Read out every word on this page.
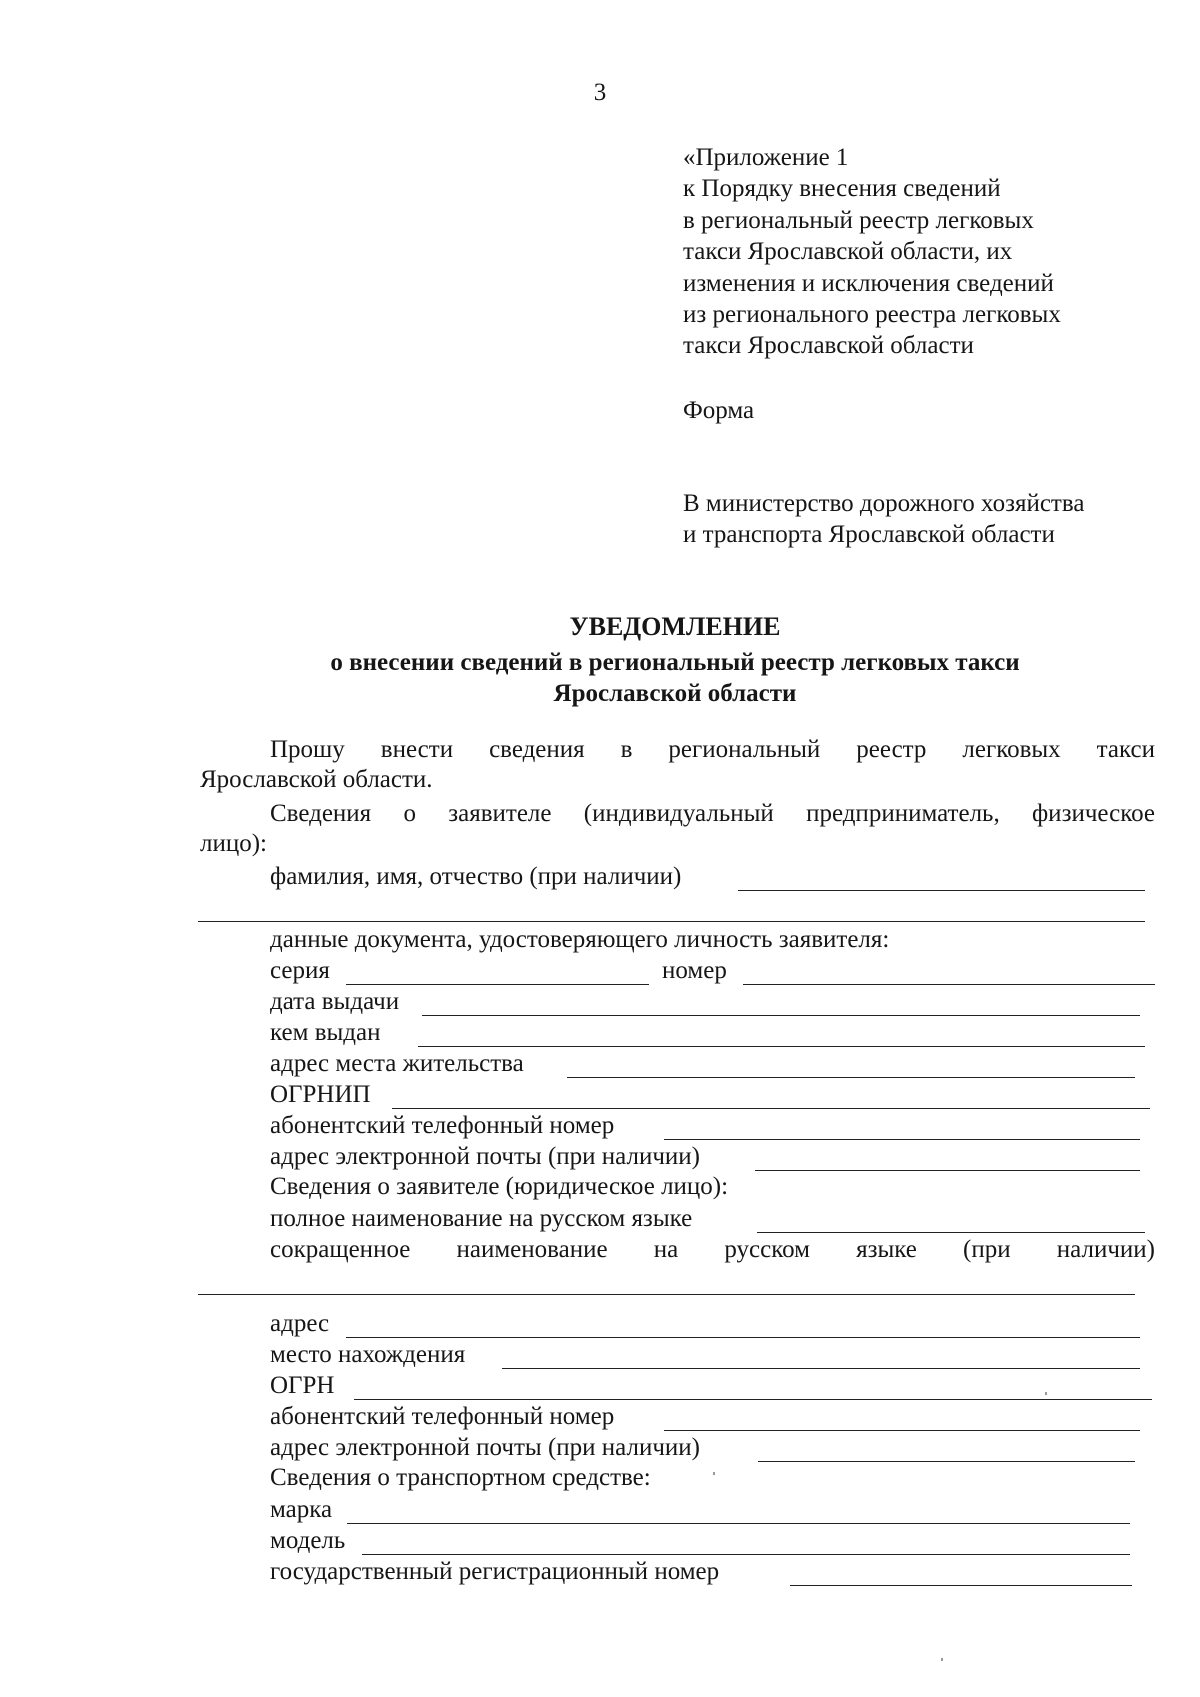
3
«Приложение 1
к Порядку внесения сведений
в региональный реестр легковых
такси Ярославской области, их
изменения и исключения сведений
из регионального реестра легковых
такси Ярославской области
Форма
В министерство дорожного хозяйства
и транспорта Ярославской области
УВЕДОМЛЕНИЕ
о внесении сведений в региональный реестр легковых такси
Ярославской области
Прошу внести сведения в региональный реестр легковых такси
Ярославской области.
Сведения о заявителе (индивидуальный предприниматель, физическое
лицо):
фамилия, имя, отчество (при наличии)
данные документа, удостоверяющего личность заявителя:
серия	номер
дата выдачи
кем выдан
адрес места жительства
ОГРНИП
абонентский телефонный номер
адрес электронной почты (при наличии)
Сведения о заявителе (юридическое лицо):
полное наименование на русском языке
сокращенное наименование на русском языке (при наличии)
адрес
место нахождения
ОГРН
абонентский телефонный номер
адрес электронной почты (при наличии)
Сведения о транспортном средстве:
марка
модель
государственный регистрационный номер
